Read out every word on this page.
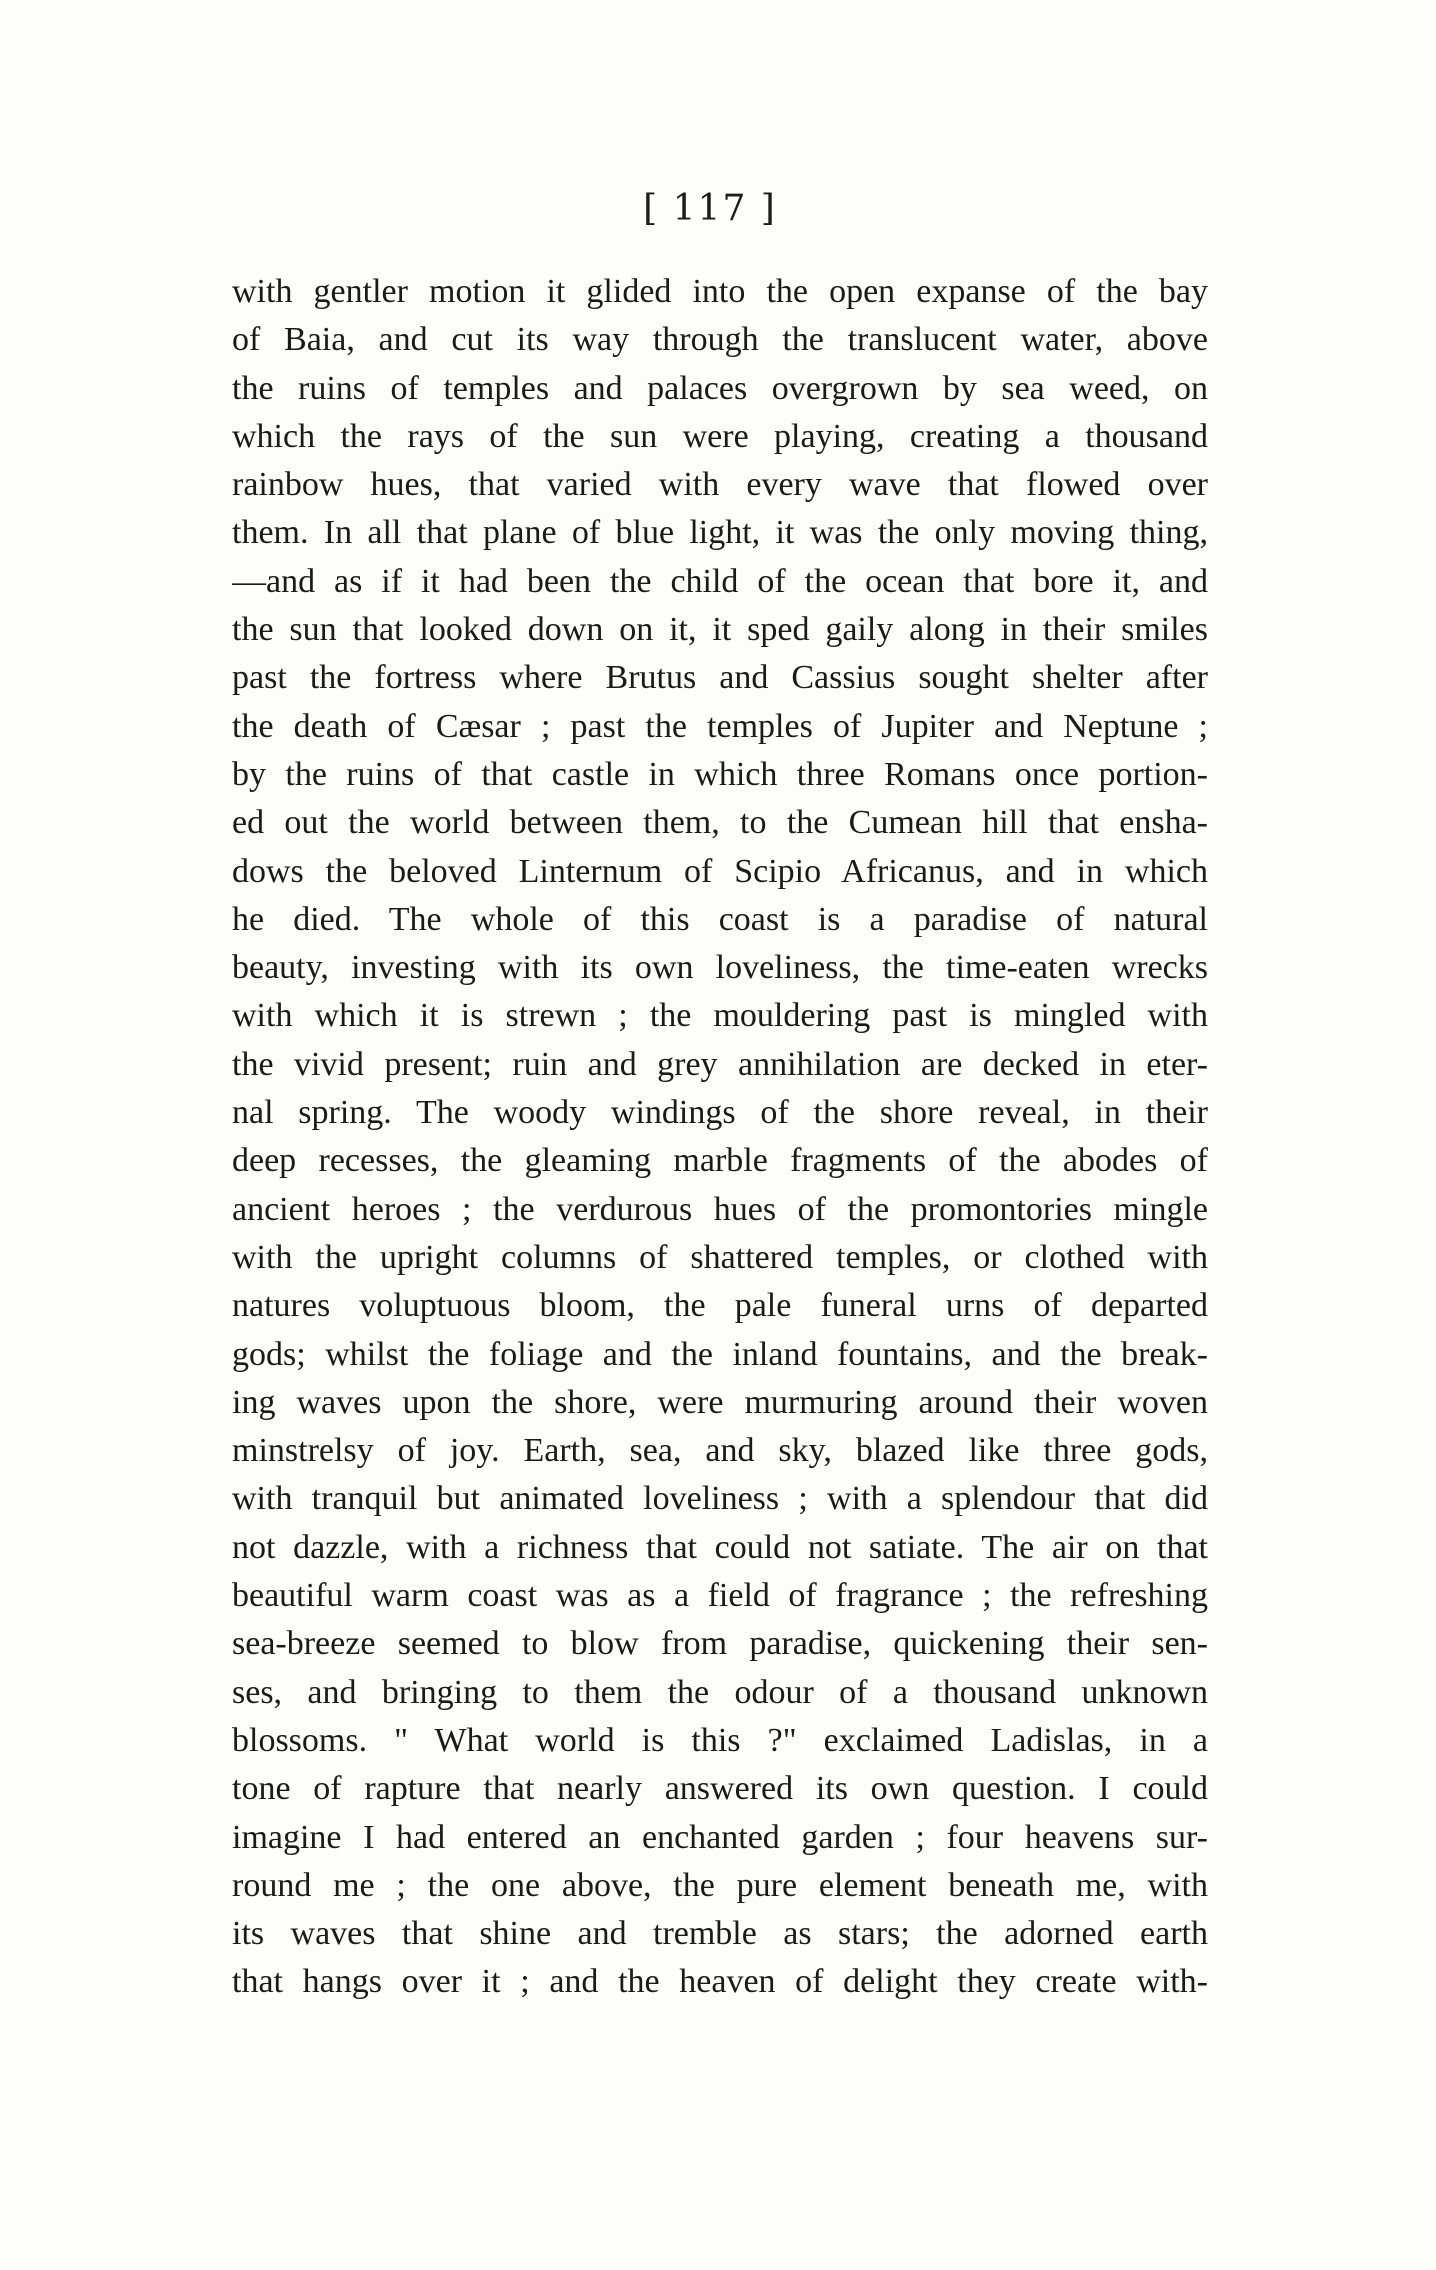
[ 117 ]
with gentler motion it glided into the open expanse of the bay
of Baia, and cut its way through the translucent water, above
the ruins of temples and palaces overgrown by sea weed, on
which the rays of the sun were playing, creating a thousand
rainbow hues, that varied with every wave that flowed over
them. In all that plane of blue light, it was the only moving thing,
—and as if it had been the child of the ocean that bore it, and
the sun that looked down on it, it sped gaily along in their smiles
past the fortress where Brutus and Cassius sought shelter after
the death of Cæsar ; past the temples of Jupiter and Neptune ;
by the ruins of that castle in which three Romans once portion-
ed out the world between them, to the Cumean hill that ensha-
dows the beloved Linternum of Scipio Africanus, and in which
he died. The whole of this coast is a paradise of natural
beauty, investing with its own loveliness, the time-eaten wrecks
with which it is strewn ; the mouldering past is mingled with
the vivid present; ruin and grey annihilation are decked in eter-
nal spring. The woody windings of the shore reveal, in their
deep recesses, the gleaming marble fragments of the abodes of
ancient heroes ; the verdurous hues of the promontories mingle
with the upright columns of shattered temples, or clothed with
natures voluptuous bloom, the pale funeral urns of departed
gods; whilst the foliage and the inland fountains, and the break-
ing waves upon the shore, were murmuring around their woven
minstrelsy of joy. Earth, sea, and sky, blazed like three gods,
with tranquil but animated loveliness ; with a splendour that did
not dazzle, with a richness that could not satiate. The air on that
beautiful warm coast was as a field of fragrance ; the refreshing
sea-breeze seemed to blow from paradise, quickening their sen-
ses, and bringing to them the odour of a thousand unknown
blossoms. " What world is this ?" exclaimed Ladislas, in a
tone of rapture that nearly answered its own question. I could
imagine I had entered an enchanted garden ; four heavens sur-
round me ; the one above, the pure element beneath me, with
its waves that shine and tremble as stars; the adorned earth
that hangs over it ; and the heaven of delight they create with-
